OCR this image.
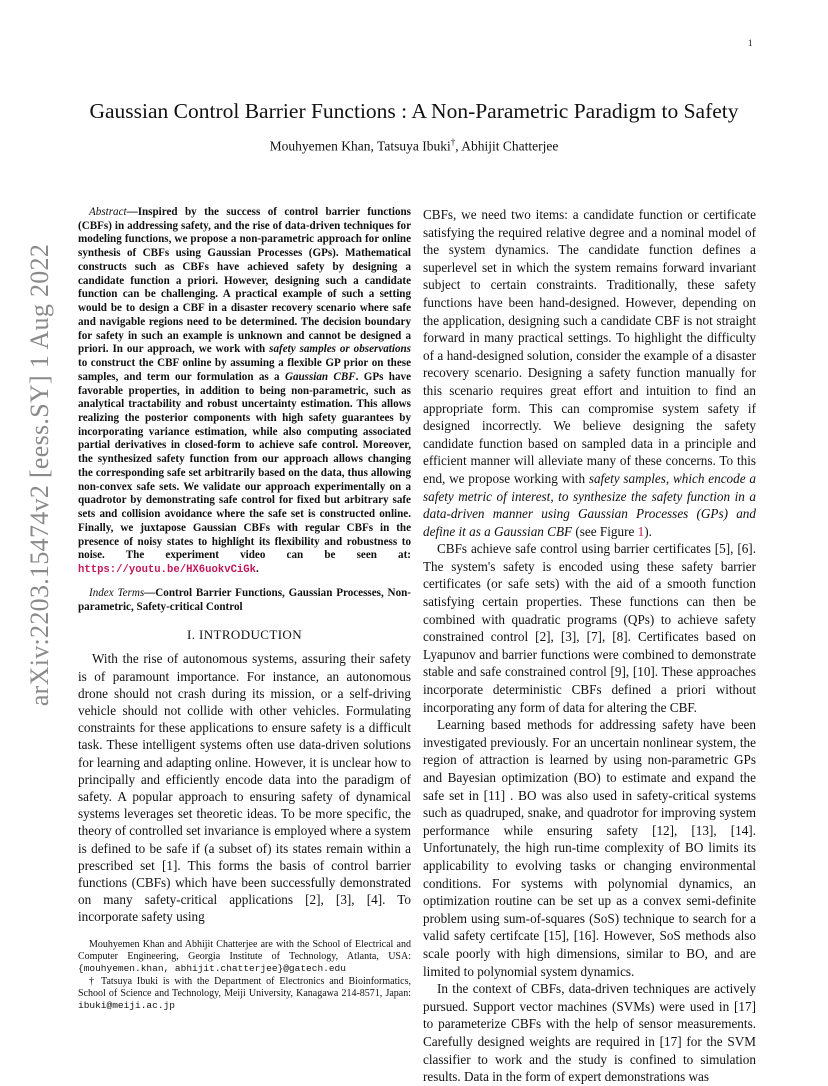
1
arXiv:2203.15474v2 [eess.SY] 1 Aug 2022
Gaussian Control Barrier Functions : A Non-Parametric Paradigm to Safety
Mouhyemen Khan, Tatsuya Ibuki†, Abhijit Chatterjee

Abstract—Inspired by the success of control barrier functions (CBFs) in addressing safety, and the rise of data-driven techniques for modeling functions, we propose a non-parametric approach for online synthesis of CBFs using Gaussian Processes (GPs). Mathematical constructs such as CBFs have achieved safety by designing a candidate function a priori. However, designing such a candidate function can be challenging. A practical example of such a setting would be to design a CBF in a disaster recovery scenario where safe and navigable regions need to be determined. The decision boundary for safety in such an example is unknown and cannot be designed a priori. In our approach, we work with safety samples or observations to construct the CBF online by assuming a flexible GP prior on these samples, and term our formulation as a Gaussian CBF. GPs have favorable properties, in addition to being non-parametric, such as analytical tractability and robust uncertainty estimation. This allows realizing the posterior components with high safety guarantees by incorporating variance estimation, while also computing associated partial derivatives in closed-form to achieve safe control. Moreover, the synthesized safety function from our approach allows changing the corresponding safe set arbitrarily based on the data, thus allowing non-convex safe sets. We validate our approach experimentally on a quadrotor by demonstrating safe control for fixed but arbitrary safe sets and collision avoidance where the safe set is constructed online. Finally, we juxtapose Gaussian CBFs with regular CBFs in the presence of noisy states to highlight its flexibility and robustness to noise. The experiment video can be seen at: https://youtu.be/HX6uokvCiGk.

Index Terms—Control Barrier Functions, Gaussian Processes, Non-parametric, Safety-critical Control

I. INTRODUCTION

With the rise of autonomous systems, assuring their safety is of paramount importance. For instance, an autonomous drone should not crash during its mission, or a self-driving vehicle should not collide with other vehicles. Formulating constraints for these applications to ensure safety is a difficult task. These intelligent systems often use data-driven solutions for learning and adapting online. However, it is unclear how to principally and efficiently encode data into the paradigm of safety. A popular approach to ensuring safety of dynamical systems leverages set theoretic ideas. To be more specific, the theory of controlled set invariance is employed where a system is defined to be safe if (a subset of) its states remain within a prescribed set [1]. This forms the basis of control barrier functions (CBFs) which have been successfully demonstrated on many safety-critical applications [2], [3], [4]. To incorporate safety using

Mouhyemen Khan and Abhijit Chatterjee are with the School of Electrical and Computer Engineering, Georgia Institute of Technology, Atlanta, USA: {mouhyemen.khan, abhijit.chatterjee}@gatech.edu

† Tatsuya Ibuki is with the Department of Electronics and Bioinformatics, School of Science and Technology, Meiji University, Kanagawa 214-8571, Japan: ibuki@meiji.ac.jp

CBFs, we need two items: a candidate function or certificate satisfying the required relative degree and a nominal model of the system dynamics. The candidate function defines a superlevel set in which the system remains forward invariant subject to certain constraints. Traditionally, these safety functions have been hand-designed. However, depending on the application, designing such a candidate CBF is not straight forward in many practical settings. To highlight the difficulty of a hand-designed solution, consider the example of a disaster recovery scenario. Designing a safety function manually for this scenario requires great effort and intuition to find an appropriate form. This can compromise system safety if designed incorrectly. We believe designing the safety candidate function based on sampled data in a principle and efficient manner will alleviate many of these concerns. To this end, we propose working with safety samples, which encode a safety metric of interest, to synthesize the safety function in a data-driven manner using Gaussian Processes (GPs) and define it as a Gaussian CBF (see Figure 1).

CBFs achieve safe control using barrier certificates [5], [6]. The system's safety is encoded using these safety barrier certificates (or safe sets) with the aid of a smooth function satisfying certain properties. These functions can then be combined with quadratic programs (QPs) to achieve safety constrained control [2], [3], [7], [8]. Certificates based on Lyapunov and barrier functions were combined to demonstrate stable and safe constrained control [9], [10]. These approaches incorporate deterministic CBFs defined a priori without incorporating any form of data for altering the CBF.

Learning based methods for addressing safety have been investigated previously. For an uncertain nonlinear system, the region of attraction is learned by using non-parametric GPs and Bayesian optimization (BO) to estimate and expand the safe set in [11] . BO was also used in safety-critical systems such as quadruped, snake, and quadrotor for improving system performance while ensuring safety [12], [13], [14]. Unfortunately, the high run-time complexity of BO limits its applicability to evolving tasks or changing environmental conditions. For systems with polynomial dynamics, an optimization routine can be set up as a convex semi-definite problem using sum-of-squares (SoS) technique to search for a valid safety certifcate [15], [16]. However, SoS methods also scale poorly with high dimensions, similar to BO, and are limited to polynomial system dynamics.

In the context of CBFs, data-driven techniques are actively pursued. Support vector machines (SVMs) were used in [17] to parameterize CBFs with the help of sensor measurements. Carefully designed weights are required in [17] for the SVM classifier to work and the study is confined to simulation results. Data in the form of expert demonstrations was
